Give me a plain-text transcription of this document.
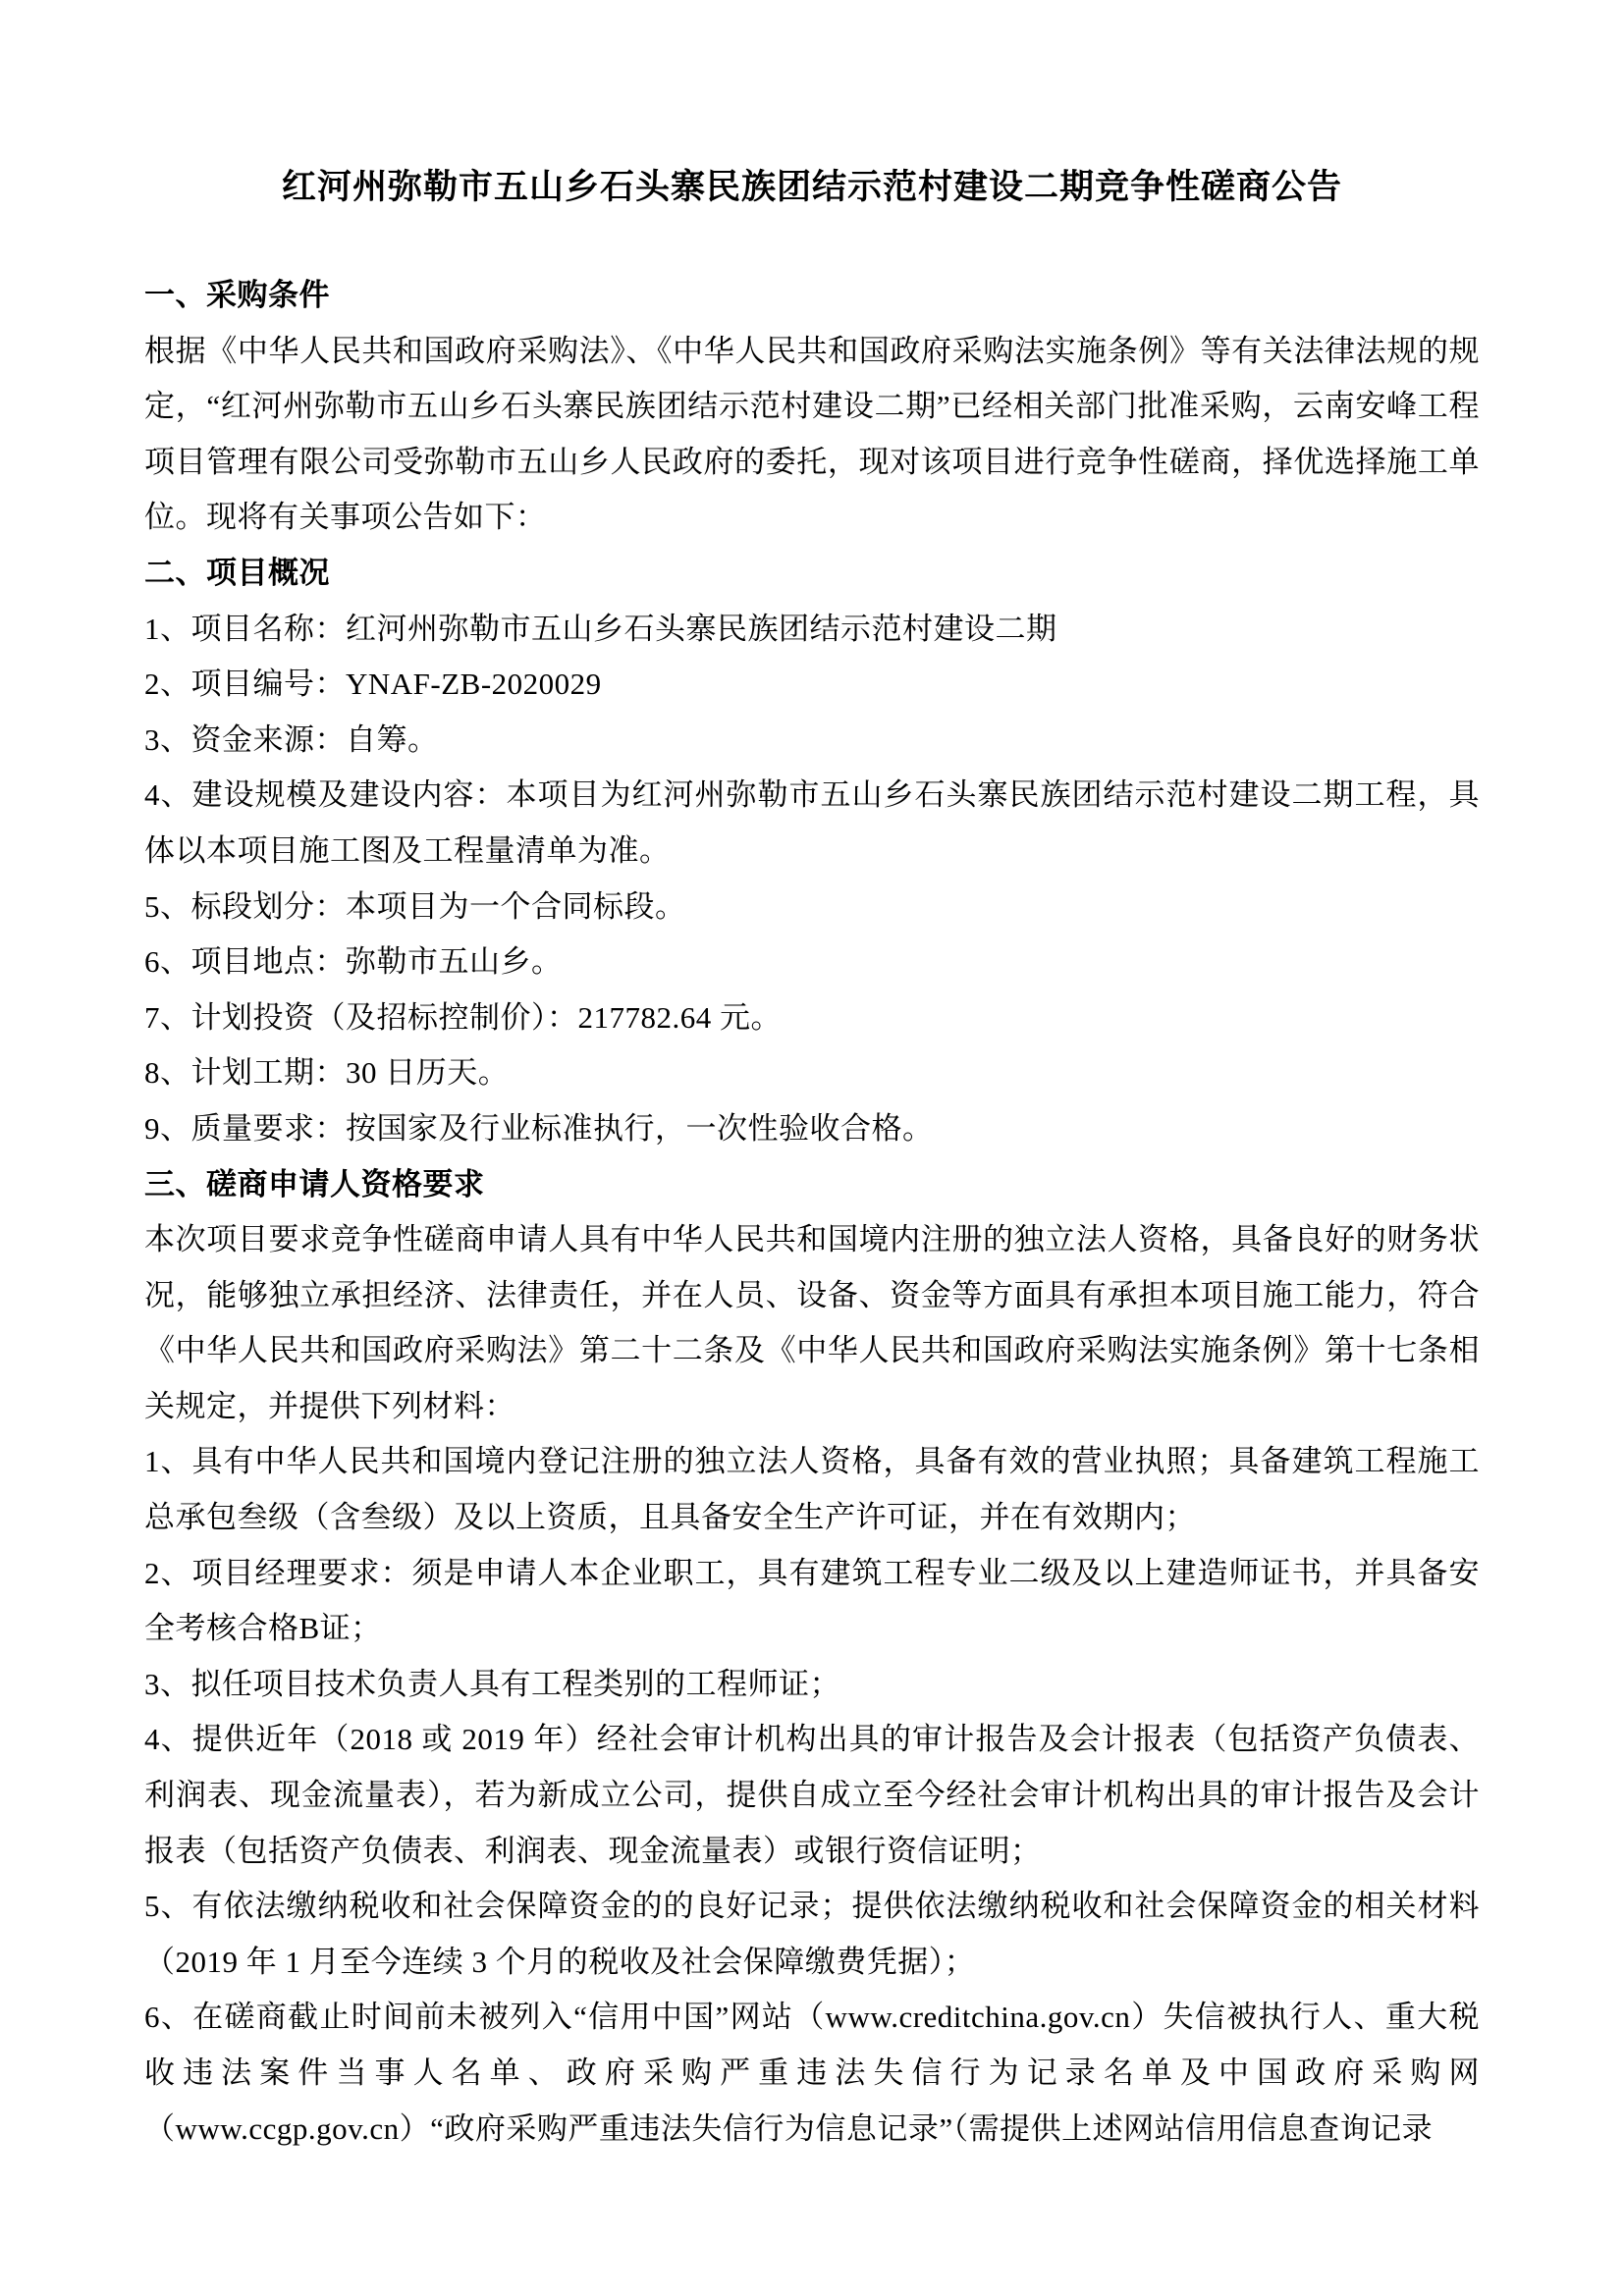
红河州弥勒市五山乡石头寨民族团结示范村建设二期竞争性磋商公告
一、采购条件
根据《中华人民共和国政府采购法》、《中华人民共和国政府采购法实施条例》等有关法律法规的规定，“红河州弥勒市五山乡石头寨民族团结示范村建设二期”已经相关部门批准采购，云南安峰工程项目管理有限公司受弥勒市五山乡人民政府的委托，现对该项目进行竞争性磋商，择优选择施工单位。现将有关事项公告如下：
二、项目概况
1、项目名称：红河州弥勒市五山乡石头寨民族团结示范村建设二期
2、项目编号：YNAF-ZB-2020029
3、资金来源：自筹。
4、建设规模及建设内容：本项目为红河州弥勒市五山乡石头寨民族团结示范村建设二期工程，具体以本项目施工图及工程量清单为准。
5、标段划分：本项目为一个合同标段。
6、项目地点：弥勒市五山乡。
7、计划投资（及招标控制价）：217782.64 元。
8、计划工期：30 日历天。
9、质量要求：按国家及行业标准执行，一次性验收合格。
三、磋商申请人资格要求
本次项目要求竞争性磋商申请人具有中华人民共和国境内注册的独立法人资格，具备良好的财务状况，能够独立承担经济、法律责任，并在人员、设备、资金等方面具有承担本项目施工能力，符合《中华人民共和国政府采购法》第二十二条及《中华人民共和国政府采购法实施条例》第十七条相关规定，并提供下列材料：
1、具有中华人民共和国境内登记注册的独立法人资格，具备有效的营业执照；具备建筑工程施工总承包叁级（含叁级）及以上资质，且具备安全生产许可证，并在有效期内；
2、项目经理要求：须是申请人本企业职工，具有建筑工程专业二级及以上建造师证书，并具备安全考核合格B证；
3、拟任项目技术负责人具有工程类别的工程师证；
4、提供近年（2018 或 2019 年）经社会审计机构出具的审计报告及会计报表（包括资产负债表、利润表、现金流量表），若为新成立公司，提供自成立至今经社会审计机构出具的审计报告及会计报表（包括资产负债表、利润表、现金流量表）或银行资信证明；
5、有依法缴纳税收和社会保障资金的的良好记录；提供依法缴纳税收和社会保障资金的相关材料（2019 年 1 月至今连续 3 个月的税收及社会保障缴费凭据）；
6、在磋商截止时间前未被列入“信用中国”网站（www.creditchina.gov.cn）失信被执行人、重大税收违法案件当事人名单、政府采购严重违法失信行为记录名单及中国政府采购网（www.ccgp.gov.cn）“政府采购严重违法失信行为信息记录”（需提供上述网站信用信息查询记录
